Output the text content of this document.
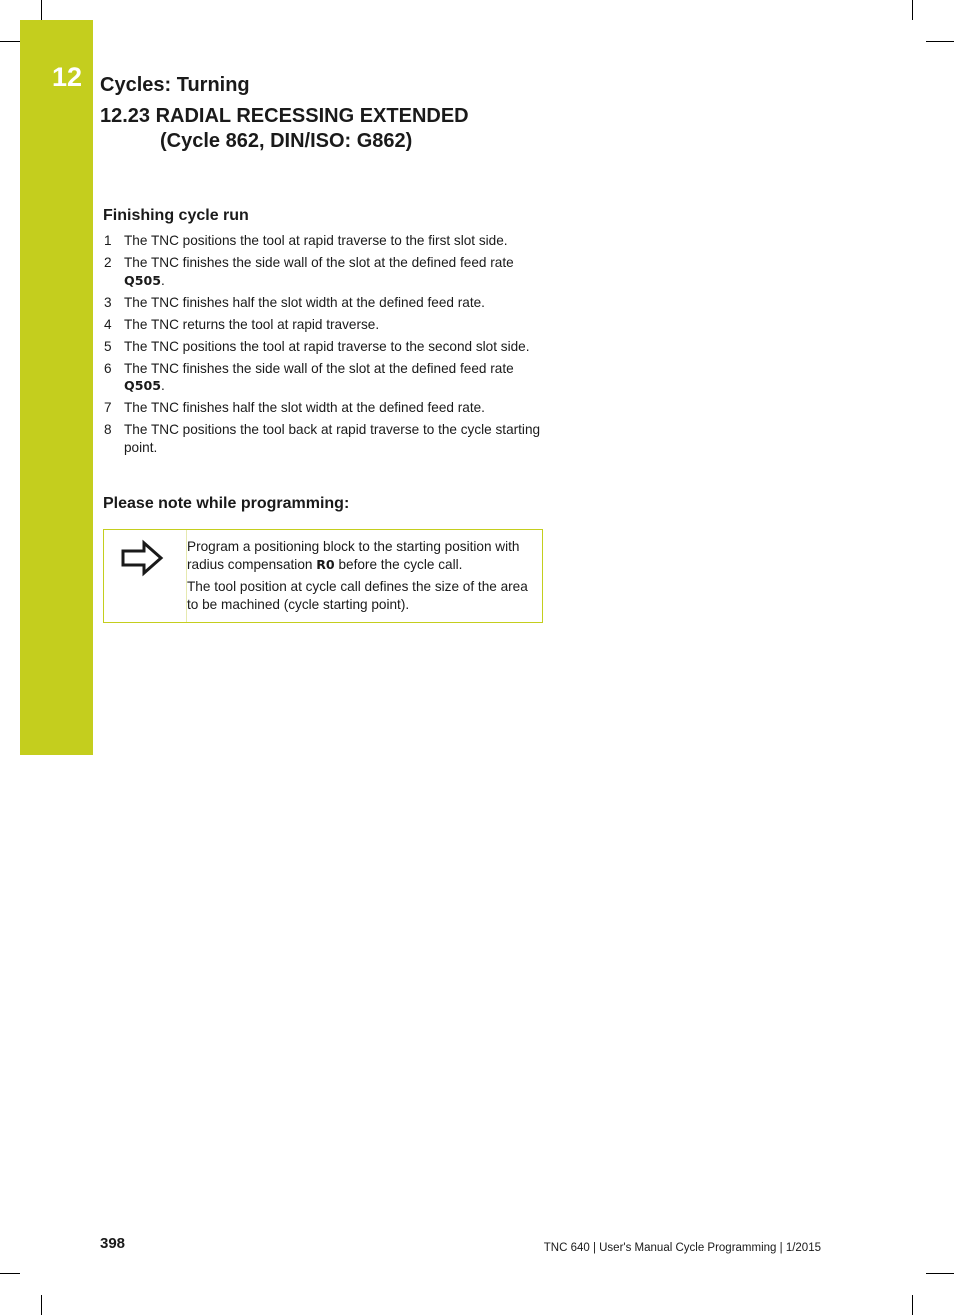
12 Cycles: Turning
12.23 RADIAL RECESSING EXTENDED
(Cycle 862, DIN/ISO: G862)
Finishing cycle run
1 The TNC positions the tool at rapid traverse to the first slot side.
2 The TNC finishes the side wall of the slot at the defined feed rate Q505.
3 The TNC finishes half the slot width at the defined feed rate.
4 The TNC returns the tool at rapid traverse.
5 The TNC positions the tool at rapid traverse to the second slot side.
6 The TNC finishes the side wall of the slot at the defined feed rate Q505.
7 The TNC finishes half the slot width at the defined feed rate.
8 The TNC positions the tool back at rapid traverse to the cycle starting point.
Please note while programming:

Program a positioning block to the starting position with radius compensation R0 before the cycle call.

The tool position at cycle call defines the size of the area to be machined (cycle starting point).

398	TNC 640 | User's Manual Cycle Programming | 1/2015
